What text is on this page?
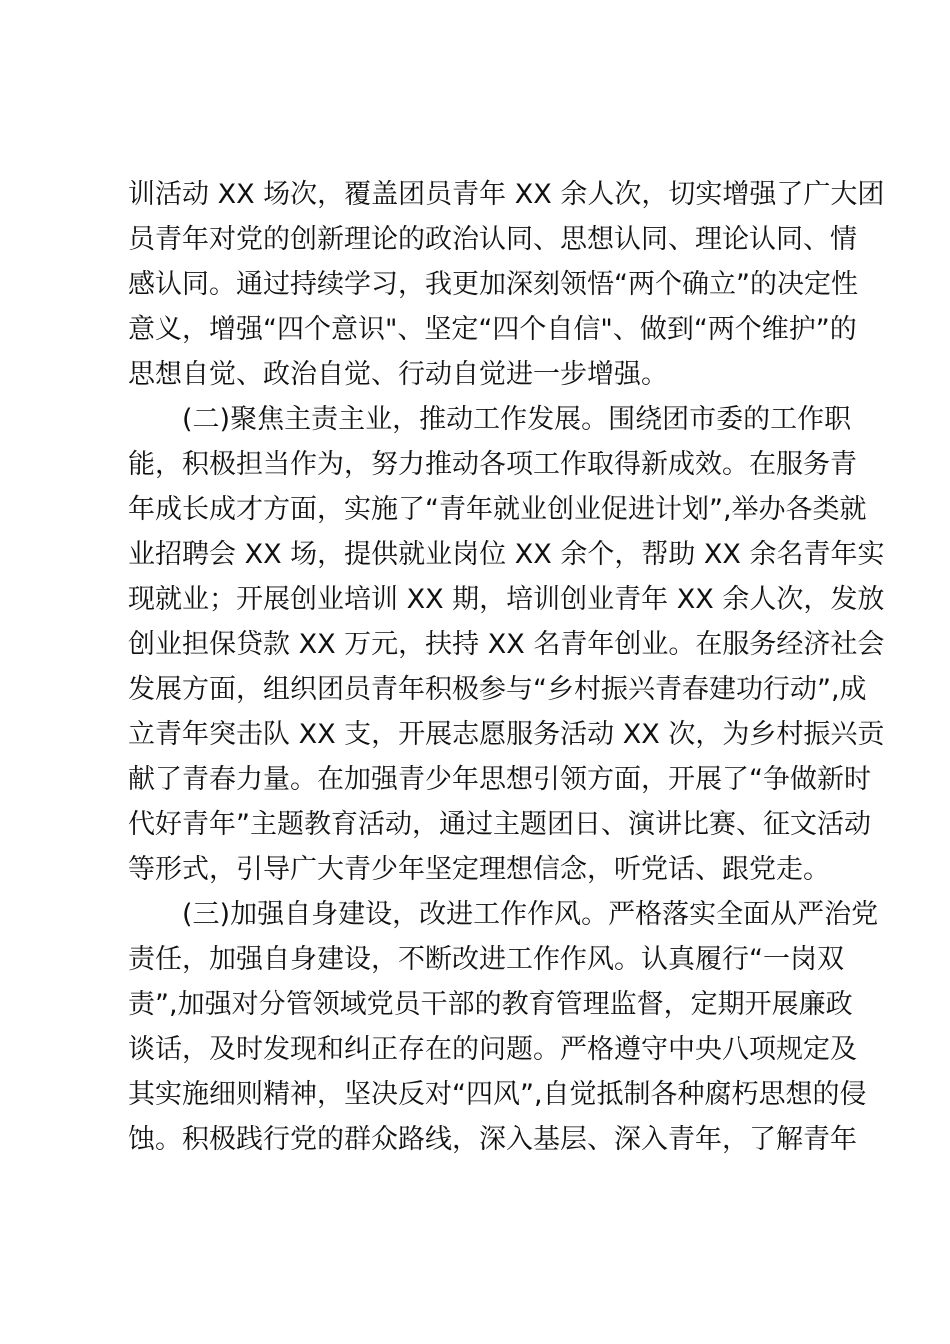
训活动 XX 场次，覆盖团员青年 XX 余人次，切实增强了广大团
员青年对党的创新理论的政治认同、思想认同、理论认同、情
感认同。通过持续学习，我更加深刻领悟“两个确立”的决定性
意义，增强“四个意识"、坚定“四个自信"、做到“两个维护”的
思想自觉、政治自觉、行动自觉进一步增强。
　　(二)聚焦主责主业，推动工作发展。围绕团市委的工作职
能，积极担当作为，努力推动各项工作取得新成效。在服务青
年成长成才方面，实施了“青年就业创业促进计划”,举办各类就
业招聘会 XX 场，提供就业岗位 XX 余个，帮助 XX 余名青年实
现就业；开展创业培训 XX 期，培训创业青年 XX 余人次，发放
创业担保贷款 XX 万元，扶持 XX 名青年创业。在服务经济社会
发展方面，组织团员青年积极参与“乡村振兴青春建功行动”,成
立青年突击队 XX 支，开展志愿服务活动 XX 次，为乡村振兴贡
献了青春力量。在加强青少年思想引领方面，开展了“争做新时
代好青年”主题教育活动，通过主题团日、演讲比赛、征文活动
等形式，引导广大青少年坚定理想信念，听党话、跟党走。
　　(三)加强自身建设，改进工作作风。严格落实全面从严治党
责任，加强自身建设，不断改进工作作风。认真履行“一岗双
责”,加强对分管领域党员干部的教育管理监督，定期开展廉政
谈话，及时发现和纠正存在的问题。严格遵守中央八项规定及
其实施细则精神，坚决反对“四风”,自觉抵制各种腐朽思想的侵
蚀。积极践行党的群众路线，深入基层、深入青年，了解青年
